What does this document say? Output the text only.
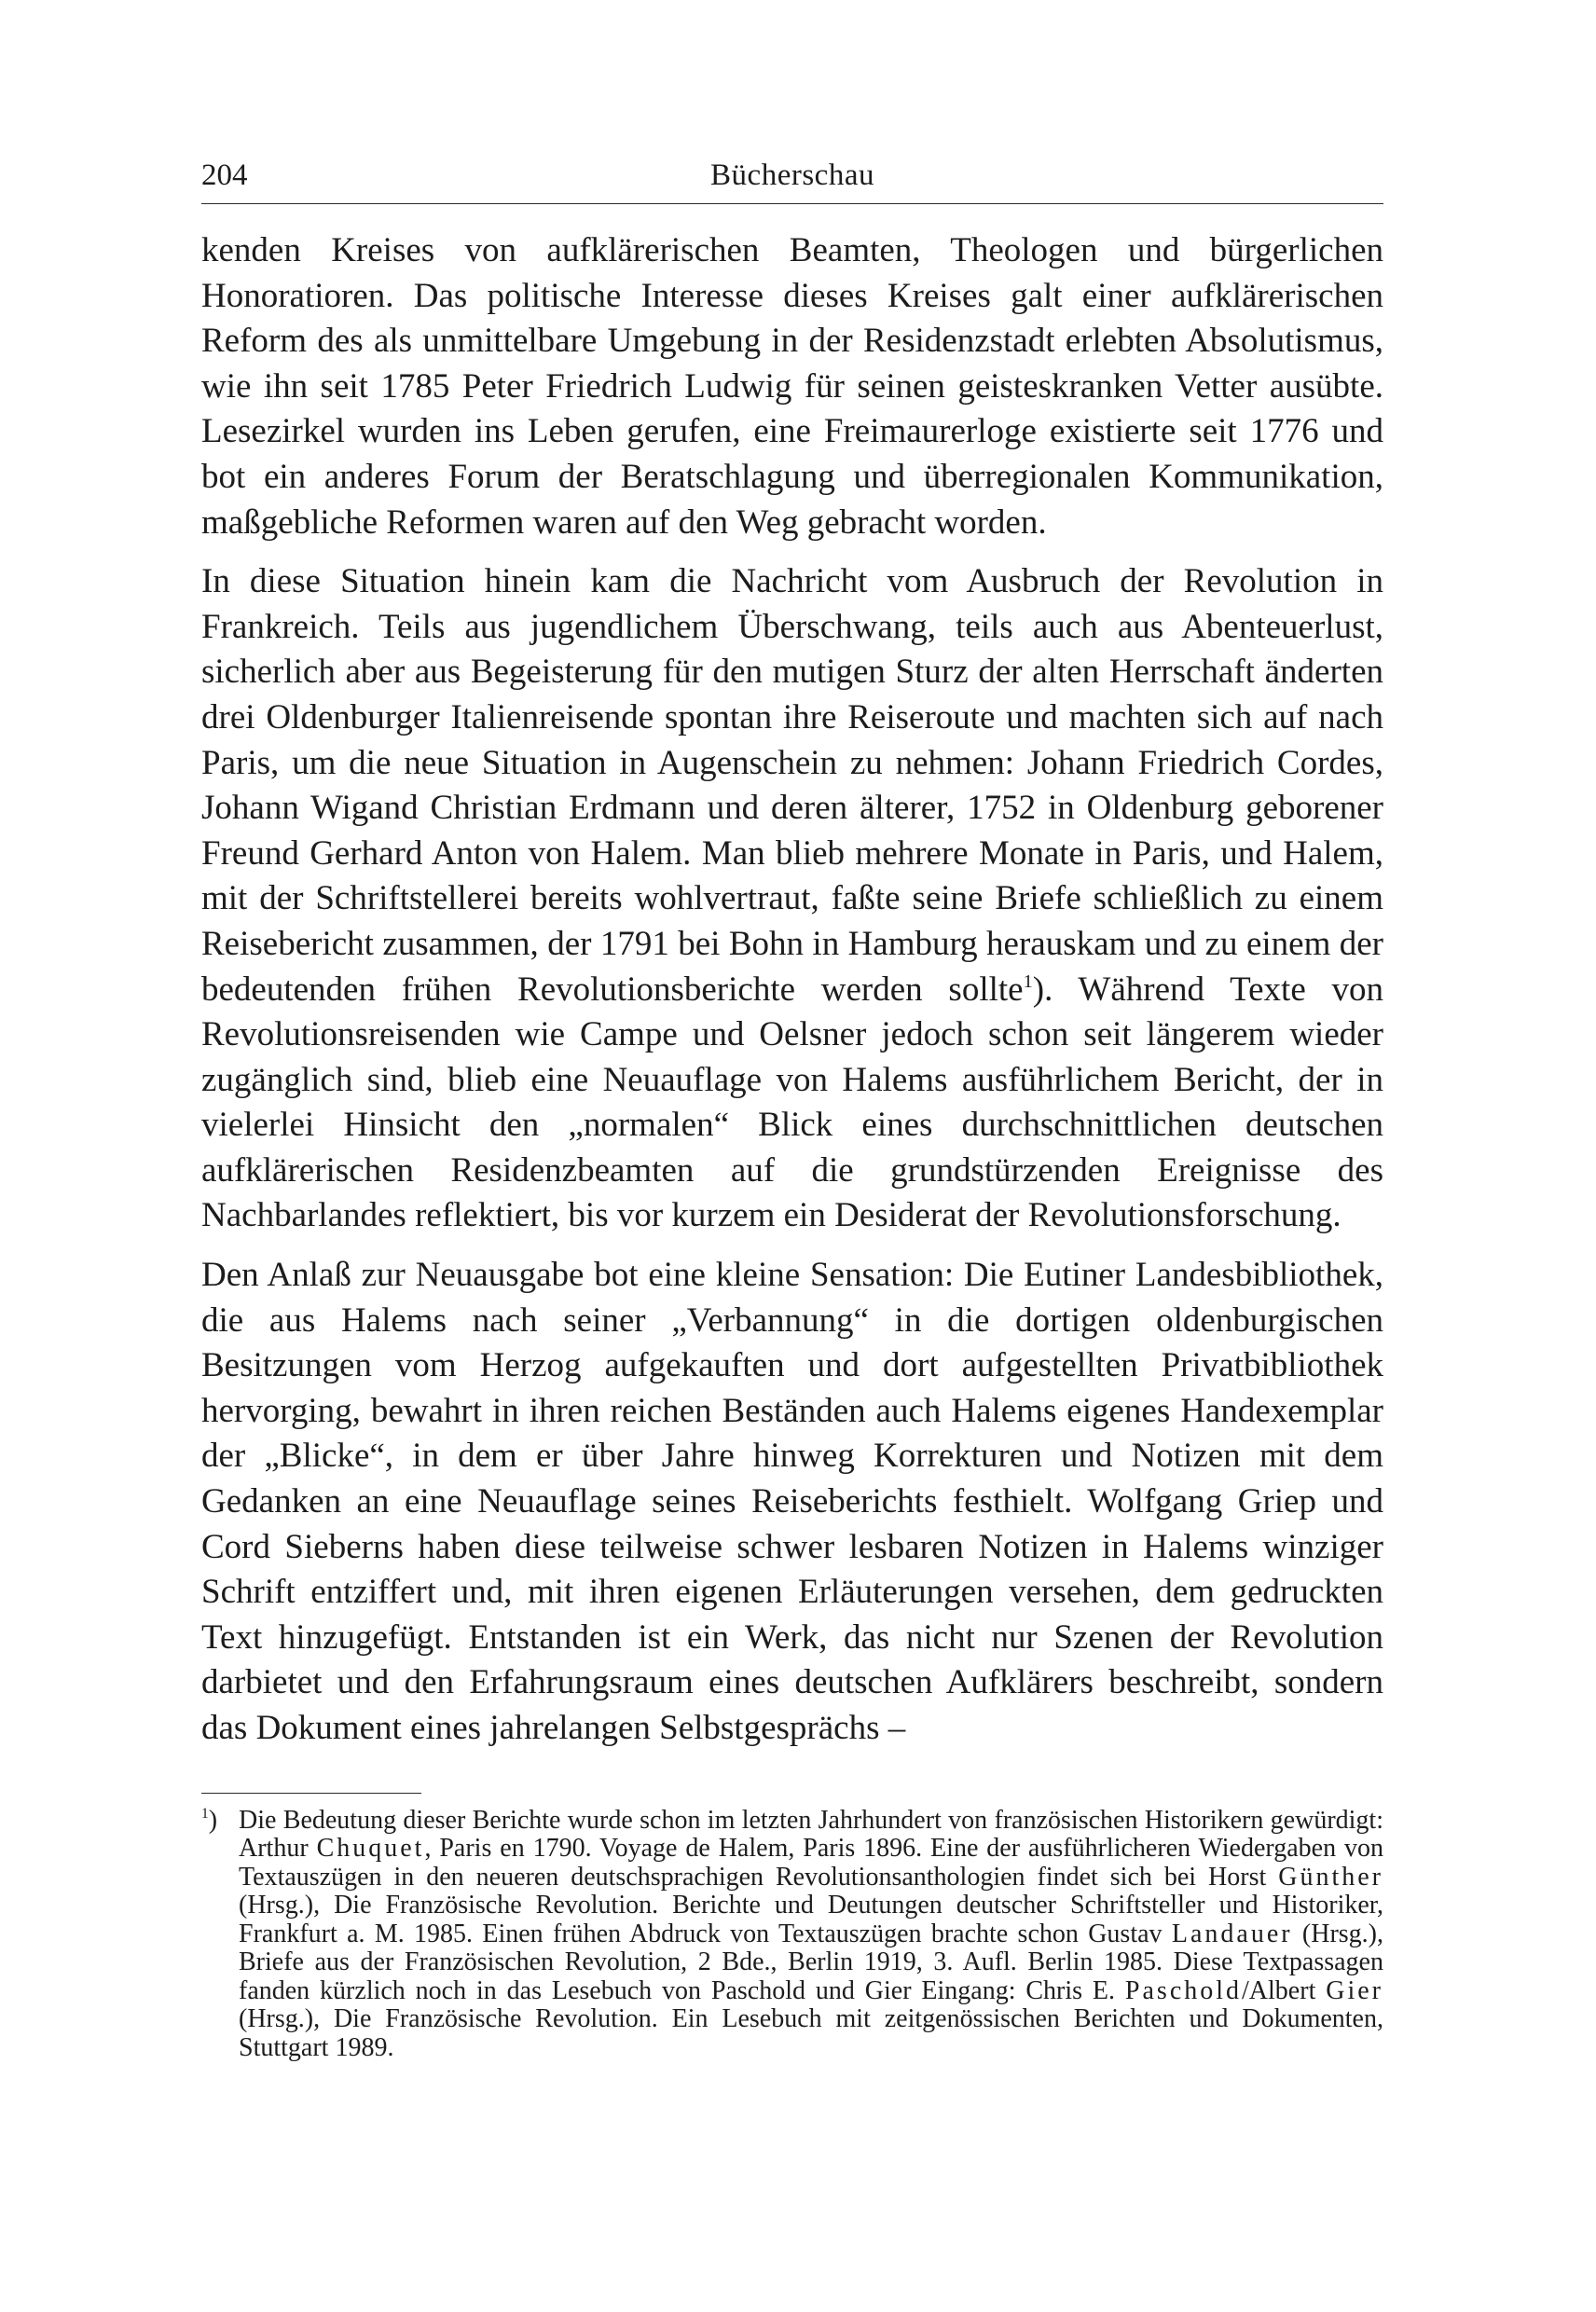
204	Bücherschau

kenden Kreises von aufklärerischen Beamten, Theologen und bürgerlichen Honoratioren. Das politische Interesse dieses Kreises galt einer aufklärerischen Reform des als unmittelbare Umgebung in der Residenzstadt erlebten Absolutismus, wie ihn seit 1785 Peter Friedrich Ludwig für seinen geisteskranken Vetter ausübte. Lesezirkel wurden ins Leben gerufen, eine Freimaurerloge existierte seit 1776 und bot ein anderes Forum der Beratschlagung und überregionalen Kommunikation, maßgebliche Reformen waren auf den Weg gebracht worden.

In diese Situation hinein kam die Nachricht vom Ausbruch der Revolution in Frankreich. Teils aus jugendlichem Überschwang, teils auch aus Abenteuerlust, sicherlich aber aus Begeisterung für den mutigen Sturz der alten Herrschaft änderten drei Oldenburger Italienreisende spontan ihre Reiseroute und machten sich auf nach Paris, um die neue Situation in Augenschein zu nehmen: Johann Friedrich Cordes, Johann Wigand Christian Erdmann und deren älterer, 1752 in Oldenburg geborener Freund Gerhard Anton von Halem. Man blieb mehrere Monate in Paris, und Halem, mit der Schriftstellerei bereits wohlvertraut, faßte seine Briefe schließlich zu einem Reisebericht zusammen, der 1791 bei Bohn in Hamburg herauskam und zu einem der bedeutenden frühen Revolutionsberichte werden sollte$^1$). Während Texte von Revolutionsreisenden wie Campe und Oelsner jedoch schon seit längerem wieder zugänglich sind, blieb eine Neuauflage von Halems ausführlichem Bericht, der in vielerlei Hinsicht den „normalen“ Blick eines durchschnittlichen deutschen aufklärerischen Residenzbeamten auf die grundstürzenden Ereignisse des Nachbarlandes reflektiert, bis vor kurzem ein Desiderat der Revolutionsforschung.

Den Anlaß zur Neuausgabe bot eine kleine Sensation: Die Eutiner Landesbibliothek, die aus Halems nach seiner „Verbannung“ in die dortigen oldenburgischen Besitzungen vom Herzog aufgekauften und dort aufgestellten Privatbibliothek hervorging, bewahrt in ihren reichen Beständen auch Halems eigenes Handexemplar der „Blicke“, in dem er über Jahre hinweg Korrekturen und Notizen mit dem Gedanken an eine Neuauflage seines Reiseberichts festhielt. Wolfgang Griep und Cord Sieberns haben diese teilweise schwer lesbaren Notizen in Halems winziger Schrift entziffert und, mit ihren eigenen Erläuterungen versehen, dem gedruckten Text hinzugefügt. Entstanden ist ein Werk, das nicht nur Szenen der Revolution darbietet und den Erfahrungsraum eines deutschen Aufklärers beschreibt, sondern das Dokument eines jahrelangen Selbstgesprächs –

$^1$) Die Bedeutung dieser Berichte wurde schon im letzten Jahrhundert von französischen Historikern gewürdigt: Arthur Chuquet, Paris en 1790. Voyage de Halem, Paris 1896. Eine der ausführlicheren Wiedergaben von Textauszügen in den neueren deutschsprachigen Revolutionsanthologien findet sich bei Horst Günther (Hrsg.), Die Französische Revolution. Berichte und Deutungen deutscher Schriftsteller und Historiker, Frankfurt a. M. 1985. Einen frühen Abdruck von Textauszügen brachte schon Gustav Landauer (Hrsg.), Briefe aus der Französischen Revolution, 2 Bde., Berlin 1919, 3. Aufl. Berlin 1985. Diese Textpassagen fanden kürzlich noch in das Lesebuch von Paschold und Gier Eingang: Chris E. Paschold/Albert Gier (Hrsg.), Die Französische Revolution. Ein Lesebuch mit zeitgenössischen Berichten und Dokumenten, Stuttgart 1989.
